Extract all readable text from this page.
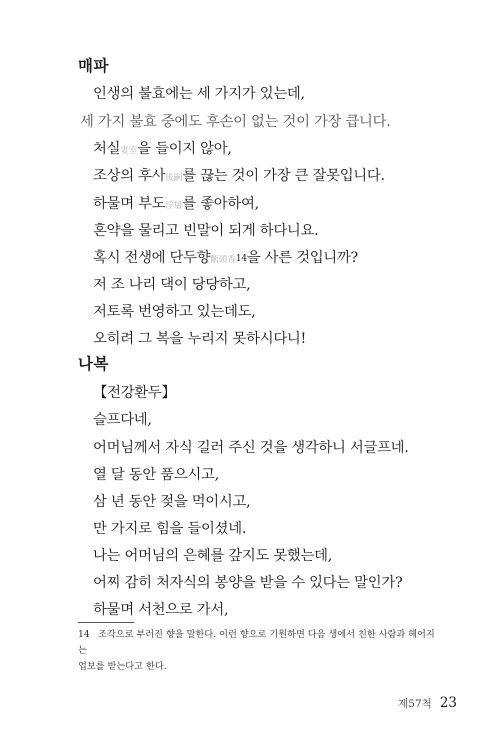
매파
인생의 불효에는 세 가지가 있는데,
세 가지 불효 중에도 후손이 없는 것이 가장 큽니다.
처실妻室을 들이지 않아,
조상의 후사後嗣를 끊는 것이 가장 큰 잘못입니다.
하물며 부도浮屠를 좋아하여,
혼약을 물리고 빈말이 되게 하다니요.
혹시 전생에 단두향斷頭香14을 사른 것입니까?
저 조 나리 댁이 당당하고,
저토록 번영하고 있는데도,
오히려 그 복을 누리지 못하시다니!
나복
【전강환두】
슬프다네,
어머님께서 자식 길러 주신 것을 생각하니 서글프네.
열 달 동안 품으시고,
삼 년 동안 젖을 먹이시고,
만 가지로 힘을 들이셨네.
나는 어머님의 은혜를 갚지도 못했는데,
어찌 감히 처자식의 봉양을 받을 수 있다는 말인가?
하물며 서천으로 가서,
14 조각으로 부러진 향을 말한다. 이런 향으로 기원하면 다음 생에서 친한 사람과 헤어지는
업보를 받는다고 한다.
제57척 23
